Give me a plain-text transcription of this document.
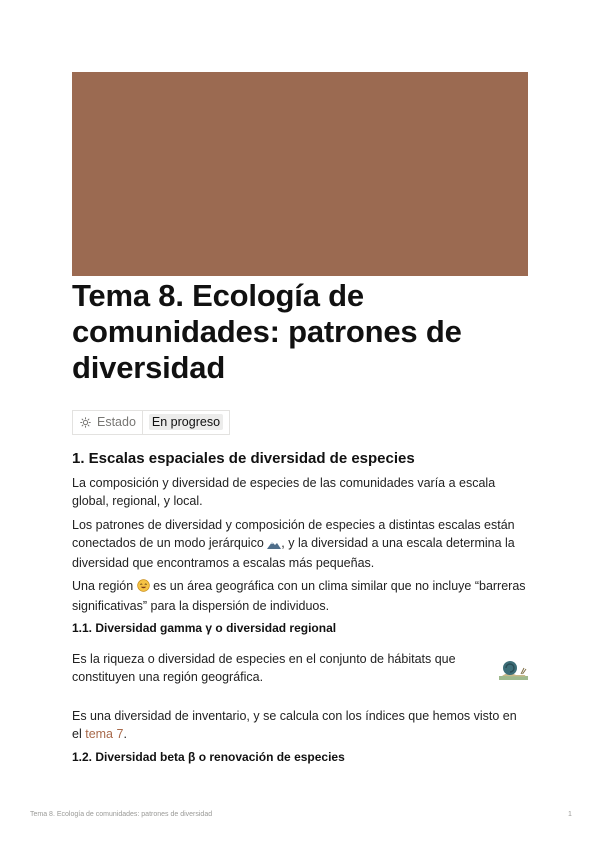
Tema 8. Ecología de comunidades: patrones de diversidad
Estado	En progreso
1. Escalas espaciales de diversidad de especies

La composición y diversidad de especies de las comunidades varía a escala global, regional, y local.

Los patrones de diversidad y composición de especies a distintas escalas están conectados de un modo jerárquico , y la diversidad a una escala determina la diversidad que encontramos a escalas más pequeñas.

Una región es un área geográfica con un clima similar que no incluye “barreras significativas” para la dispersión de individuos.

1.1. Diversidad gamma γ o diversidad regional

Es la riqueza o diversidad de especies en el conjunto de hábitats que constituyen una región geográfica.

Es una diversidad de inventario, y se calcula con los índices que hemos visto en el tema 7.

1.2. Diversidad beta β o renovación de especies
Tema 8. Ecología de comunidades: patrones de diversidad	1
